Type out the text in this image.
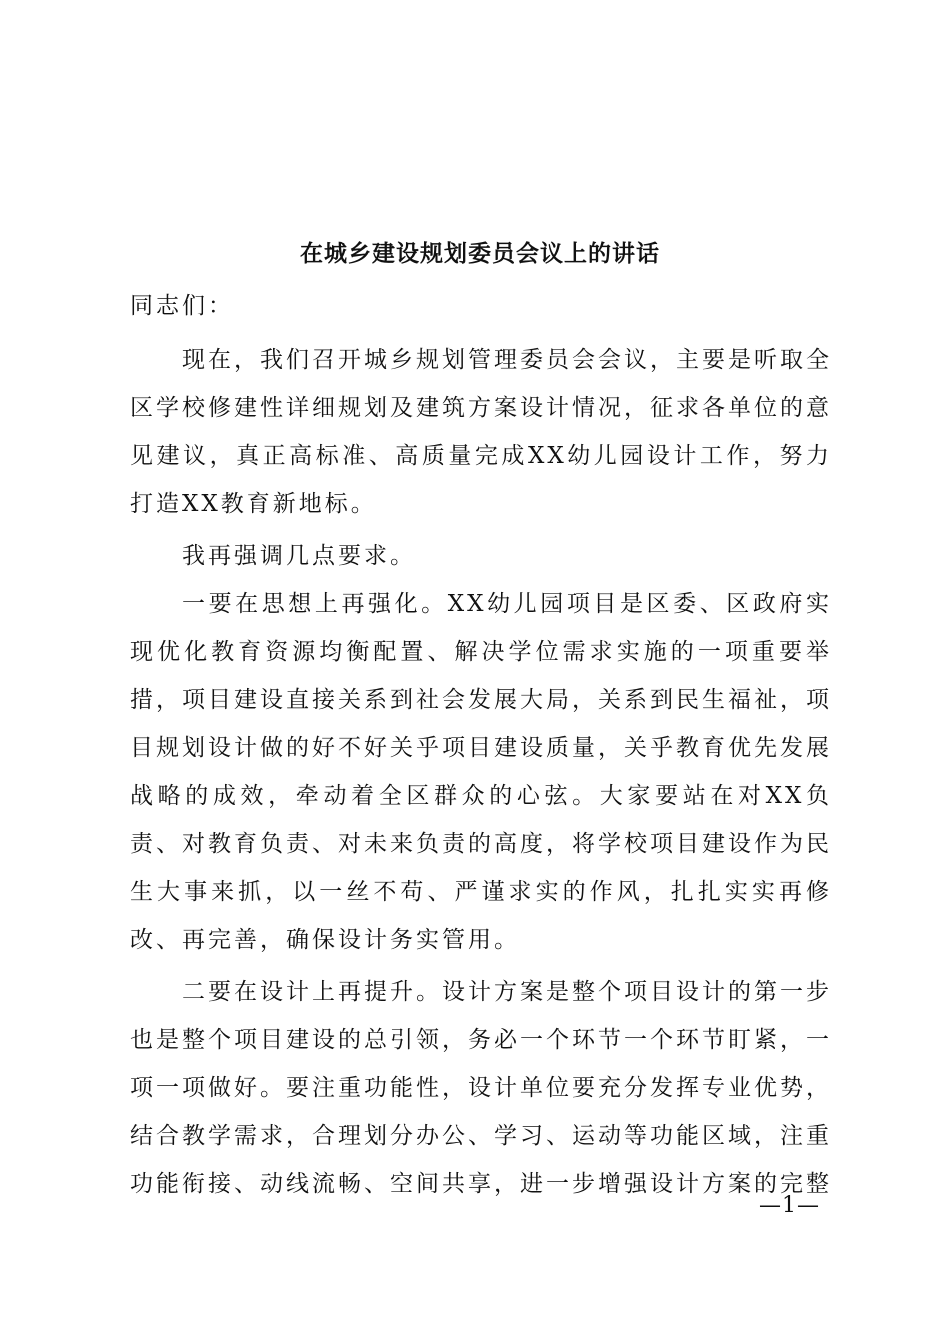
在城乡建设规划委员会议上的讲话

同志们：

现在，我们召开城乡规划管理委员会会议，主要是听取全区学校修建性详细规划及建筑方案设计情况，征求各单位的意见建议，真正高标准、高质量完成XX幼儿园设计工作，努力打造XX教育新地标。

我再强调几点要求。

一要在思想上再强化。XX幼儿园项目是区委、区政府实现优化教育资源均衡配置、解决学位需求实施的一项重要举措，项目建设直接关系到社会发展大局，关系到民生福祉，项目规划设计做的好不好关乎项目建设质量，关乎教育优先发展战略的成效，牵动着全区群众的心弦。大家要站在对XX负责、对教育负责、对未来负责的高度，将学校项目建设作为民生大事来抓，以一丝不苟、严谨求实的作风，扎扎实实再修改、再完善，确保设计务实管用。

二要在设计上再提升。设计方案是整个项目设计的第一步也是整个项目建设的总引领，务必一个环节一个环节盯紧，一项一项做好。要注重功能性，设计单位要充分发挥专业优势，结合教学需求，合理划分办公、学习、运动等功能区域，注重功能衔接、动线流畅、空间共享，进一步增强设计方案的完整

—1—
